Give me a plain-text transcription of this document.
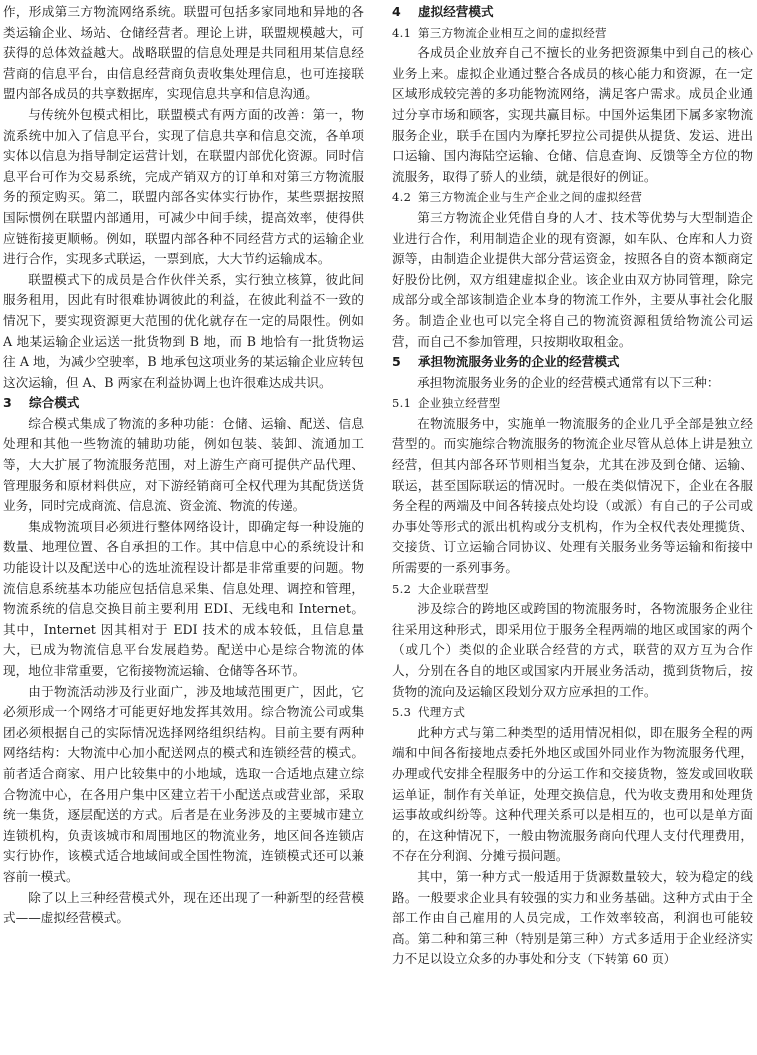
作，形成第三方物流网络系统。联盟可包括多家同地和异地的各类运输企业、场站、仓储经营者。理论上讲，联盟规模越大，可获得的总体效益越大。战略联盟的信息处理是共同租用某信息经营商的信息平台，由信息经营商负责收集处理信息，也可连接联盟内部各成员的共享数据库，实现信息共享和信息沟通。

与传统外包模式相比，联盟模式有两方面的改善：第一，物流系统中加入了信息平台，实现了信息共享和信息交流，各单项实体以信息为指导制定运营计划，在联盟内部优化资源。同时信息平台可作为交易系统，完成产销双方的订单和对第三方物流服务的预定购买。第二，联盟内部各实体实行协作，某些票据按照国际惯例在联盟内部通用，可减少中间手续，提高效率，使得供应链衔接更顺畅。例如，联盟内部各种不同经营方式的运输企业进行合作，实现多式联运，一票到底，大大节约运输成本。

联盟模式下的成员是合作伙伴关系，实行独立核算，彼此间服务租用，因此有时很难协调彼此的利益，在彼此利益不一致的情况下，要实现资源更大范围的优化就存在一定的局限性。例如 A 地某运输企业运送一批货物到 B 地，而 B 地恰有一批货物运往 A 地，为减少空驶率，B 地承包这项业务的某运输企业应转包这次运输，但 A、B 两家在利益协调上也许很难达成共识。

3 综合模式

综合模式集成了物流的多种功能：仓储、运输、配送、信息处理和其他一些物流的辅助功能，例如包装、装卸、流通加工等，大大扩展了物流服务范围，对上游生产商可提供产品代理、管理服务和原材料供应，对下游经销商可全权代理为其配货送货业务，同时完成商流、信息流、资金流、物流的传递。

集成物流项目必须进行整体网络设计，即确定每一种设施的数量、地理位置、各自承担的工作。其中信息中心的系统设计和功能设计以及配送中心的选址流程设计都是非常重要的问题。物流信息系统基本功能应包括信息采集、信息处理、调控和管理，物流系统的信息交换目前主要利用 EDI、无线电和 Internet。其中，Internet 因其相对于 EDI 技术的成本较低，且信息量大，已成为物流信息平台发展趋势。配送中心是综合物流的体现，地位非常重要，它衔接物流运输、仓储等各环节。

由于物流活动涉及行业面广，涉及地域范围更广，因此，它必须形成一个网络才可能更好地发挥其效用。综合物流公司或集团必须根据自己的实际情况选择网络组织结构。目前主要有两种网络结构：大物流中心加小配送网点的模式和连锁经营的模式。前者适合商家、用户比较集中的小地域，选取一合适地点建立综合物流中心，在各用户集中区建立若干小配送点或营业部，采取统一集货，逐层配送的方式。后者是在业务涉及的主要城市建立连锁机构，负责该城市和周围地区的物流业务，地区间各连锁店实行协作，该模式适合地域间或全国性物流，连锁模式还可以兼容前一模式。

除了以上三种经营模式外，现在还出现了一种新型的经营模式——虚拟经营模式。

4 虚拟经营模式
4.1 第三方物流企业相互之间的虚拟经营

各成员企业放弃自己不擅长的业务把资源集中到自己的核心业务上来。虚拟企业通过整合各成员的核心能力和资源，在一定区域形成较完善的多功能物流网络，满足客户需求。成员企业通过分享市场和顾客，实现共赢目标。中国外运集团下属多家物流服务企业，联手在国内为摩托罗拉公司提供从提货、发运、进出口运输、国内海陆空运输、仓储、信息查询、反馈等全方位的物流服务，取得了骄人的业绩，就是很好的例证。

4.2 第三方物流企业与生产企业之间的虚拟经营

第三方物流企业凭借自身的人才、技术等优势与大型制造企业进行合作，利用制造企业的现有资源，如车队、仓库和人力资源等，由制造企业提供大部分营运资金，按照各自的资本额商定好股份比例，双方组建虚拟企业。该企业由双方协同管理，除完成部分或全部该制造企业本身的物流工作外，主要从事社会化服务。制造企业也可以完全将自己的物流资源租赁给物流公司运营，而自己不参加管理，只按期收取租金。

5 承担物流服务业务的企业的经营模式

承担物流服务业务的企业的经营模式通常有以下三种：

5.1 企业独立经营型

在物流服务中，实施单一物流服务的企业几乎全部是独立经营型的。而实施综合物流服务的物流企业尽管从总体上讲是独立经营，但其内部各环节则相当复杂，尤其在涉及到仓储、运输、联运，甚至国际联运的情况时。一般在类似情况下，企业在各服务全程的两端及中间各转接点处均设（或派）有自己的子公司或办事处等形式的派出机构或分支机构，作为全权代表处理揽货、交接货、订立运输合同协议、处理有关服务业务等运输和衔接中所需要的一系列事务。

5.2 大企业联营型

涉及综合的跨地区或跨国的物流服务时，各物流服务企业往往采用这种形式，即采用位于服务全程两端的地区或国家的两个（或几个）类似的企业联合经营的方式，联营的双方互为合作人，分别在各自的地区或国家内开展业务活动，揽到货物后，按货物的流向及运输区段划分双方应承担的工作。

5.3 代理方式

此种方式与第二种类型的适用情况相似，即在服务全程的两端和中间各衔接地点委托外地区或国外同业作为物流服务代理，办理或代安排全程服务中的分运工作和交接货物，签发或回收联运单证，制作有关单证，处理交换信息，代为收支费用和处理货运事故或纠纷等。这种代理关系可以是相互的，也可以是单方面的，在这种情况下，一般由物流服务商向代理人支付代理费用，不存在分利润、分摊亏损问题。

其中，第一种方式一般适用于货源数量较大，较为稳定的线路。一般要求企业具有较强的实力和业务基础。这种方式由于全部工作由自己雇用的人员完成，工作效率较高，利润也可能较高。第二种和第三种（特别是第三种）方式多适用于企业经济实力不足以设立众多的办事处和分支（下转第 60 页）
